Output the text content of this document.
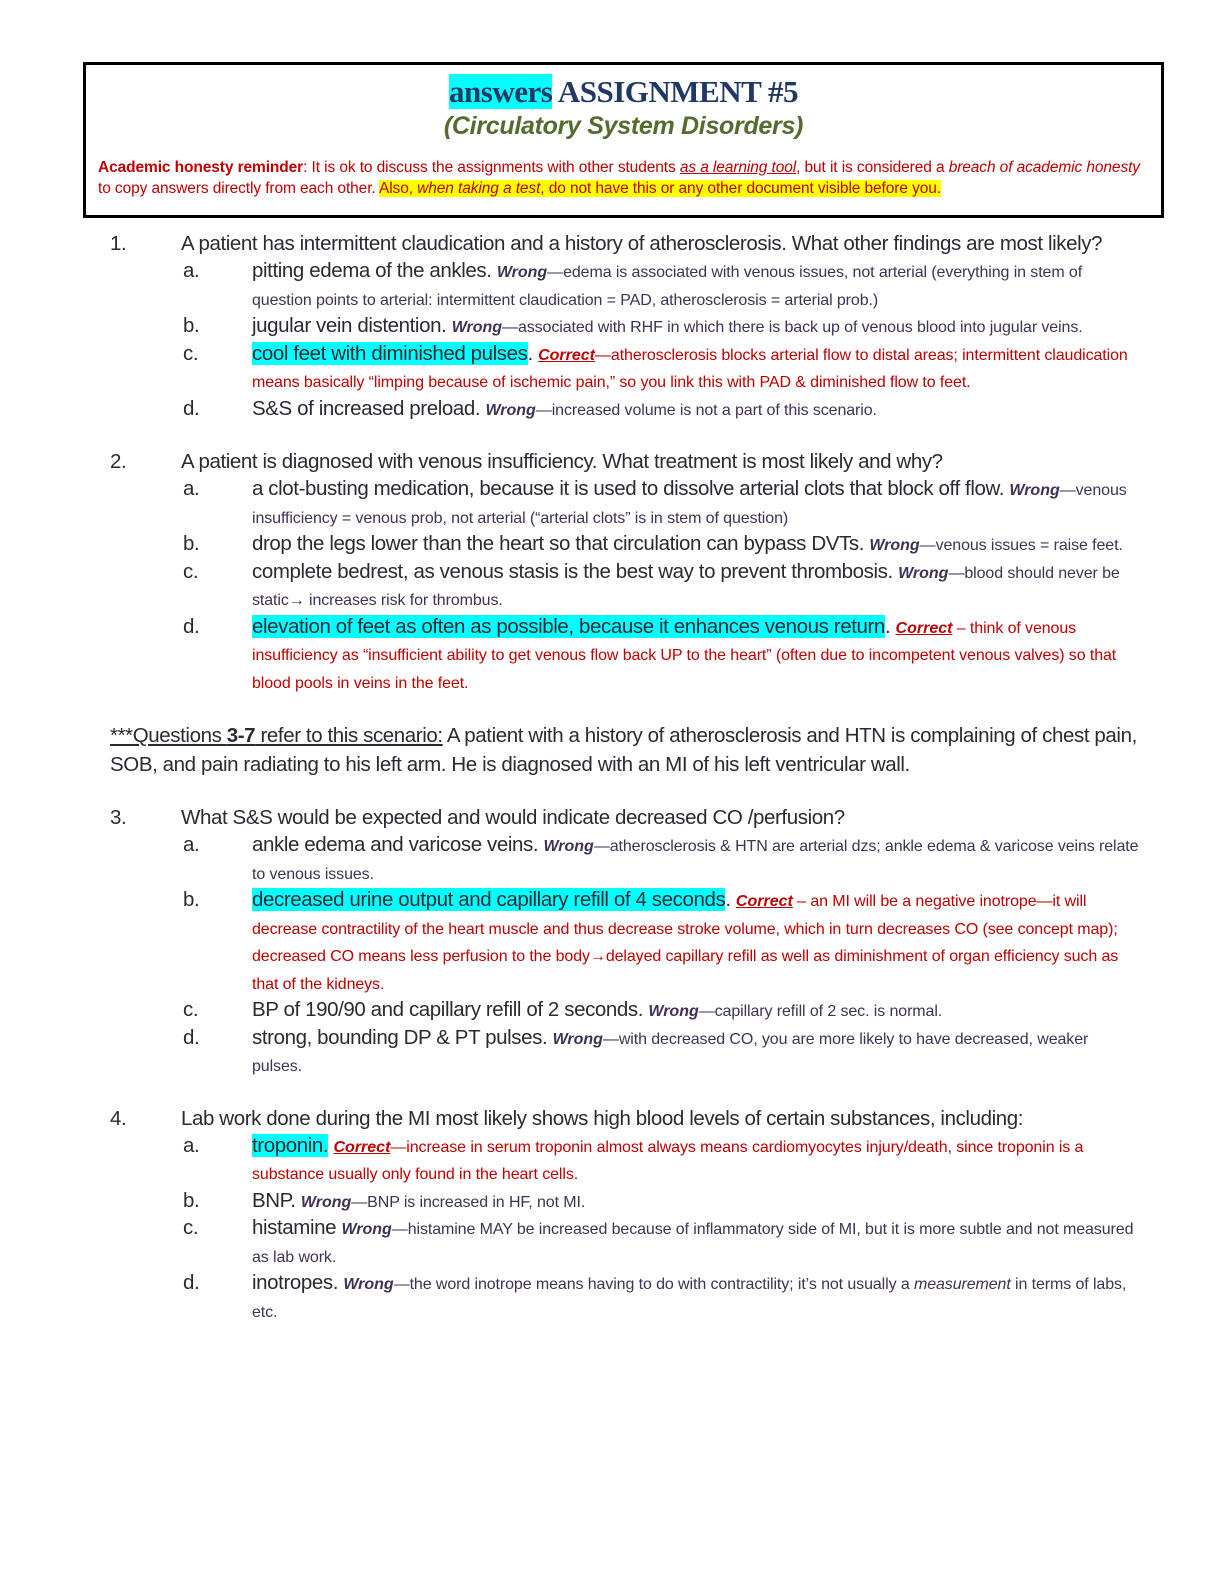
answers ASSIGNMENT #5
(Circulatory System Disorders)
Academic honesty reminder: It is ok to discuss the assignments with other students as a learning tool, but it is considered a breach of academic honesty to copy answers directly from each other. Also, when taking a test, do not have this or any other document visible before you.
1.	A patient has intermittent claudication and a history of atherosclerosis. What other findings are most likely?
a.	pitting edema of the ankles. Wrong—edema is associated with venous issues, not arterial (everything in stem of question points to arterial: intermittent claudication = PAD, atherosclerosis = arterial prob.)
b.	jugular vein distention. Wrong—associated with RHF in which there is back up of venous blood into jugular veins.
c.	cool feet with diminished pulses. Correct—atherosclerosis blocks arterial flow to distal areas; intermittent claudication means basically “limping because of ischemic pain,” so you link this with PAD & diminished flow to feet.
d.	S&S of increased preload. Wrong—increased volume is not a part of this scenario.
2.	A patient is diagnosed with venous insufficiency. What treatment is most likely and why?
a.	a clot-busting medication, because it is used to dissolve arterial clots that block off flow. Wrong—venous insufficiency = venous prob, not arterial (“arterial clots” is in stem of question)
b.	drop the legs lower than the heart so that circulation can bypass DVTs. Wrong—venous issues = raise feet.
c.	complete bedrest, as venous stasis is the best way to prevent thrombosis. Wrong—blood should never be static→ increases risk for thrombus.
d.	elevation of feet as often as possible, because it enhances venous return. Correct – think of venous insufficiency as “insufficient ability to get venous flow back UP to the heart” (often due to incompetent venous valves) so that blood pools in veins in the feet.
***Questions 3-7 refer to this scenario: A patient with a history of atherosclerosis and HTN is complaining of chest pain, SOB, and pain radiating to his left arm. He is diagnosed with an MI of his left ventricular wall.
3.	What S&S would be expected and would indicate decreased CO /perfusion?
a.	ankle edema and varicose veins. Wrong—atherosclerosis & HTN are arterial dzs; ankle edema & varicose veins relate to venous issues.
b.	decreased urine output and capillary refill of 4 seconds. Correct – an MI will be a negative inotrope—it will decrease contractility of the heart muscle and thus decrease stroke volume, which in turn decreases CO (see concept map); decreased CO means less perfusion to the body→delayed capillary refill as well as diminishment of organ efficiency such as that of the kidneys.
c.	BP of 190/90 and capillary refill of 2 seconds. Wrong—capillary refill of 2 sec. is normal.
d.	strong, bounding DP & PT pulses. Wrong—with decreased CO, you are more likely to have decreased, weaker pulses.
4.	Lab work done during the MI most likely shows high blood levels of certain substances, including:
a.	troponin. Correct—increase in serum troponin almost always means cardiomyocytes injury/death, since troponin is a substance usually only found in the heart cells.
b.	BNP. Wrong—BNP is increased in HF, not MI.
c.	histamine Wrong—histamine MAY be increased because of inflammatory side of MI, but it is more subtle and not measured as lab work.
d.	inotropes. Wrong—the word inotrope means having to do with contractility; it’s not usually a measurement in terms of labs, etc.
